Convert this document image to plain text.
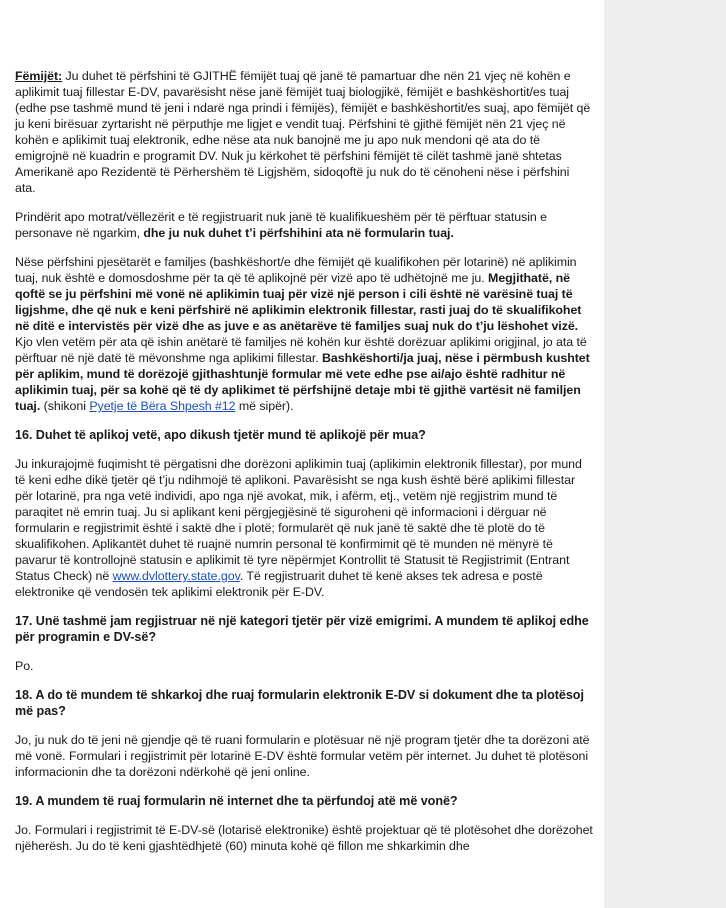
Fëmijët: Ju duhet të përfshini të GJITHË fëmijët tuaj që janë të pamartuar dhe nën 21 vjeç në kohën e aplikimit tuaj fillestar E-DV, pavarësisht nëse janë fëmijët tuaj biologjikë, fëmijët e bashkëshortit/es tuaj (edhe pse tashmë mund të jeni i ndarë nga prindi i fëmijës), fëmijët e bashkëshortit/es suaj, apo fëmijët që ju keni birësuar zyrtarisht në përputhje me ligjet e vendit tuaj. Përfshini të gjithë fëmijët nën 21 vjeç në kohën e aplikimit tuaj elektronik, edhe nëse ata nuk banojnë me ju apo nuk mendoni që ata do të emigrojnë në kuadrin e programit DV. Nuk ju kërkohet të përfshini fëmijët të cilët tashmë janë shtetas Amerikanë apo Rezidentë të Përhershëm të Ligjshëm, sidoqoftë ju nuk do të cënoheni nëse i përfshini ata.

Prindërit apo motrat/vëllezërit e të regjistruarit nuk janë të kualifikueshëm për të përftuar statusin e personave në ngarkim, dhe ju nuk duhet t’i përfshihini ata në formularin tuaj.

Nëse përfshini pjesëtarët e familjes (bashkëshort/e dhe fëmijët që kualifikohen për lotarinë) në aplikimin tuaj, nuk është e domosdoshme për ta që të aplikojnë për vizë apo të udhëtojnë me ju. Megjithatë, në qoftë se ju përfshini më vonë në aplikimin tuaj për vizë një person i cili është në varësinë tuaj të ligjshme, dhe që nuk e keni përfshirë në aplikimin elektronik fillestar, rasti juaj do të skualifikohet në ditë e intervistës për vizë dhe as juve e as anëtarëve të familjes suaj nuk do t’ju lëshohet vizë. Kjo vlen vetëm për ata që ishin anëtarë të familjes në kohën kur është dorëzuar aplikimi origjinal, jo ata të përftuar në një datë të mëvonshme nga aplikimi fillestar. Bashkëshorti/ja juaj, nëse i përmbush kushtet për aplikim, mund të dorëzojë gjithashtunjë formular më vete edhe pse ai/ajo është radhitur në aplikimin tuaj, për sa kohë që të dy aplikimet të përfshijnë detaje mbi të gjithë vartësit në familjen tuaj. (shikoni Pyetje të Bëra Shpesh #12 më sipër).

16. Duhet të aplikoj vetë, apo dikush tjetër mund të aplikojë për mua?

Ju inkurajojmë fuqimisht të përgatisni dhe dorëzoni aplikimin tuaj (aplikimin elektronik fillestar), por mund të keni edhe dikë tjetër që t’ju ndihmojë të aplikoni. Pavarësisht se nga kush është bërë aplikimi fillestar për lotarinë, pra nga vetë individi, apo nga një avokat, mik, i afërm, etj., vetëm një regjistrim mund të paraqitet në emrin tuaj. Ju si aplikant keni përgjegjësinë të siguroheni që informacioni i dërguar në formularin e regjistrimit është i saktë dhe i plotë; formularët që nuk janë të saktë dhe të plotë do të skualifikohen. Aplikantët duhet të ruajnë numrin personal të konfirmimit që të munden në mënyrë të pavarur të kontrollojnë statusin e aplikimit të tyre nëpërmjet Kontrollit të Statusit të Regjistrimit (Entrant Status Check) në www.dvlottery.state.gov. Të regjistruarit duhet të kenë akses tek adresa e postë elektronike që vendosën tek aplikimi elektronik për E-DV.

17. Unë tashmë jam regjistruar në një kategori tjetër për vizë emigrimi. A mundem të aplikoj edhe për programin e DV-së?

Po.

18. A do të mundem të shkarkoj dhe ruaj formularin elektronik E-DV si dokument dhe ta plotësoj më pas?

Jo, ju nuk do të jeni në gjendje që të ruani formularin e plotësuar në një program tjetër dhe ta dorëzoni atë më vonë. Formulari i regjistrimit për lotarinë E-DV është formular vetëm për internet. Ju duhet të plotësoni informacionin dhe ta dorëzoni ndërkohë që jeni online.

19. A mundem të ruaj formularin në internet dhe ta përfundoj atë më vonë?

Jo. Formulari i regjistrimit të E-DV-së (lotarisë elektronike) është projektuar që të plotësohet dhe dorëzohet njëherësh. Ju do të keni gjashtëdhjetë (60) minuta kohë që fillon me shkarkimin dhe
